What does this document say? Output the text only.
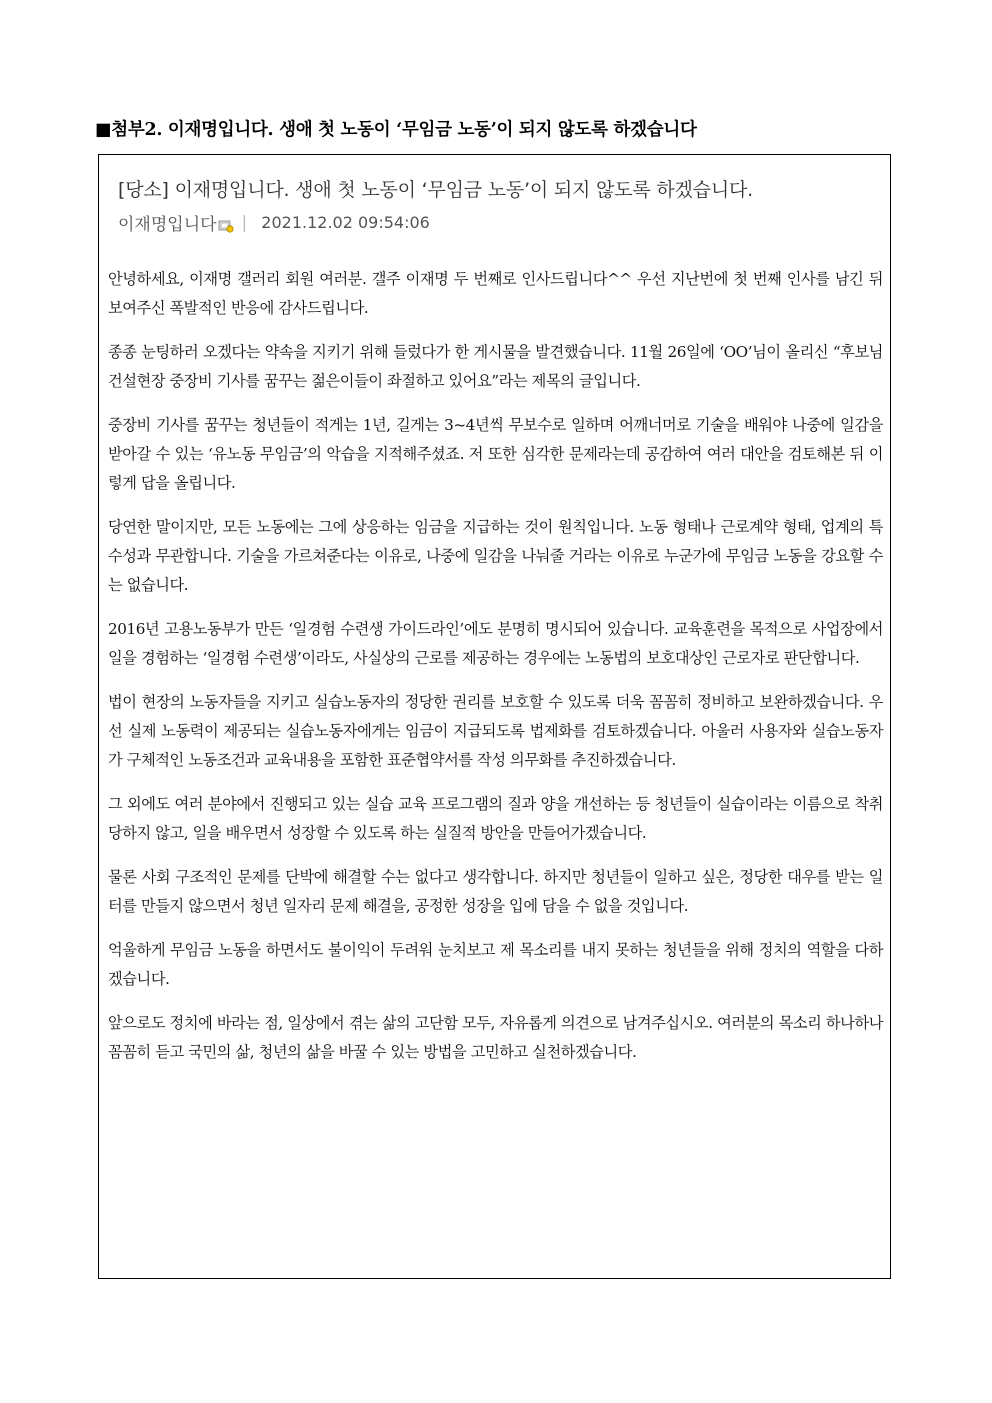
■첨부2. 이재명입니다. 생애 첫 노동이 ‘무임금 노동’이 되지 않도록 하겠습니다
[당소] 이재명입니다. 생애 첫 노동이 ‘무임금 노동’이 되지 않도록 하겠습니다.
이재명입니다 | 2021.12.02 09:54:06

안녕하세요, 이재명 갤러리 회원 여러분. 갤주 이재명 두 번째로 인사드립니다^^ 우선 지난번에 첫 번째 인사를 남긴 뒤 보여주신 폭발적인 반응에 감사드립니다.

종종 눈팅하러 오겠다는 약속을 지키기 위해 들렀다가 한 게시물을 발견했습니다. 11월 26일에 ‘OO’님이 올리신 “후보님 건설현장 중장비 기사를 꿈꾸는 젊은이들이 좌절하고 있어요”라는 제목의 글입니다.

중장비 기사를 꿈꾸는 청년들이 적게는 1년, 길게는 3~4년씩 무보수로 일하며 어깨너머로 기술을 배워야 나중에 일감을 받아갈 수 있는 ‘유노동 무임금’의 악습을 지적해주셨죠. 저 또한 심각한 문제라는데 공감하여 여러 대안을 검토해본 뒤 이렇게 답을 올립니다.

당연한 말이지만, 모든 노동에는 그에 상응하는 임금을 지급하는 것이 원칙입니다. 노동 형태나 근로계약 형태, 업계의 특수성과 무관합니다. 기술을 가르쳐준다는 이유로, 나중에 일감을 나눠줄 거라는 이유로 누군가에 무임금 노동을 강요할 수는 없습니다.

2016년 고용노동부가 만든 ‘일경험 수련생 가이드라인’에도 분명히 명시되어 있습니다. 교육훈련을 목적으로 사업장에서 일을 경험하는 ‘일경험 수련생’이라도, 사실상의 근로를 제공하는 경우에는 노동법의 보호대상인 근로자로 판단합니다.

법이 현장의 노동자들을 지키고 실습노동자의 정당한 권리를 보호할 수 있도록 더욱 꼼꼼히 정비하고 보완하겠습니다. 우선 실제 노동력이 제공되는 실습노동자에게는 임금이 지급되도록 법제화를 검토하겠습니다. 아울러 사용자와 실습노동자가 구체적인 노동조건과 교육내용을 포함한 표준협약서를 작성 의무화를 추진하겠습니다.

그 외에도 여러 분야에서 진행되고 있는 실습 교육 프로그램의 질과 양을 개선하는 등 청년들이 실습이라는 이름으로 착취당하지 않고, 일을 배우면서 성장할 수 있도록 하는 실질적 방안을 만들어가겠습니다.

물론 사회 구조적인 문제를 단박에 해결할 수는 없다고 생각합니다. 하지만 청년들이 일하고 싶은, 정당한 대우를 받는 일터를 만들지 않으면서 청년 일자리 문제 해결을, 공정한 성장을 입에 담을 수 없을 것입니다.

억울하게 무임금 노동을 하면서도 불이익이 두려워 눈치보고 제 목소리를 내지 못하는 청년들을 위해 정치의 역할을 다하겠습니다.

앞으로도 정치에 바라는 점, 일상에서 겪는 삶의 고단함 모두, 자유롭게 의견으로 남겨주십시오. 여러분의 목소리 하나하나 꼼꼼히 듣고 국민의 삶, 청년의 삶을 바꿀 수 있는 방법을 고민하고 실천하겠습니다.
